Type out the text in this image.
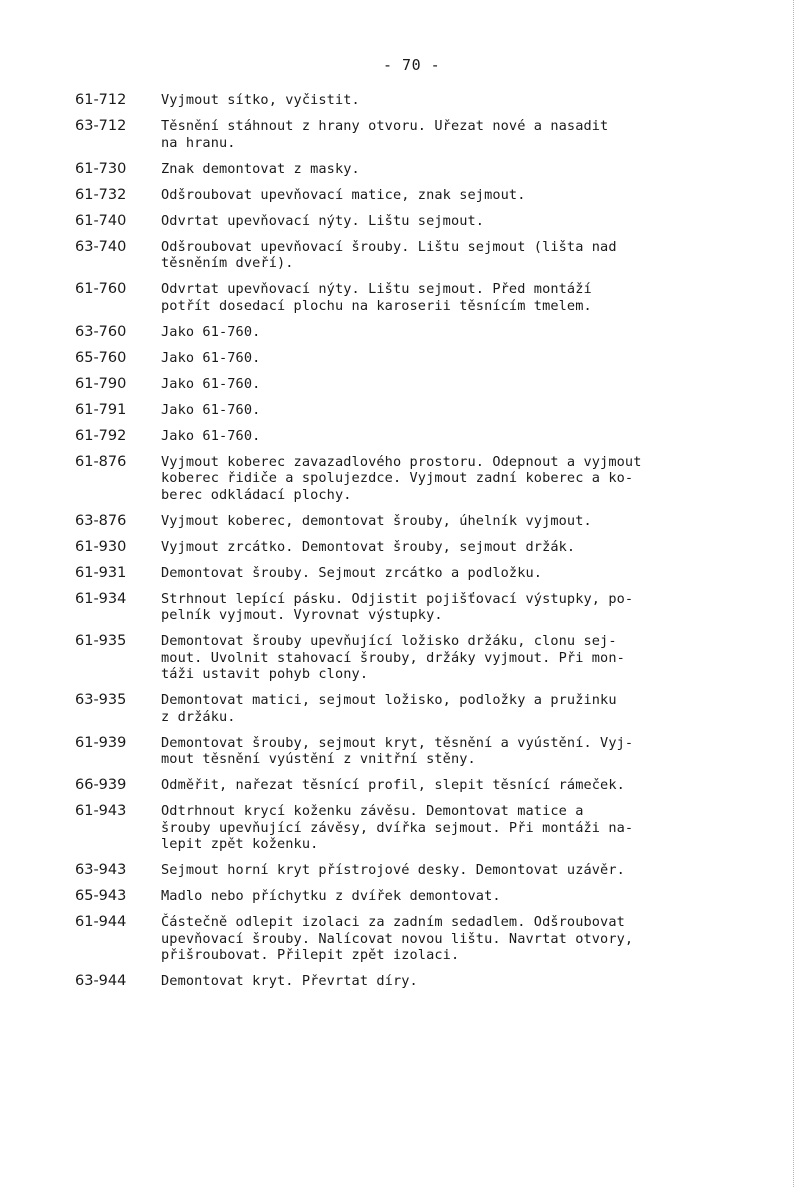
- 70 -
61-712	Vyjmout sítko, vyčistit.
63-712	Těsnění stáhnout z hrany otvoru. Uřezat nové a nasadit
na hranu.
61-730	Znak demontovat z masky.
61-732	Odšroubovat upevňovací matice, znak sejmout.
61-740	Odvrtat upevňovací nýty. Lištu sejmout.
63-740	Odšroubovat upevňovací šrouby. Lištu sejmout (lišta nad
těsněním dveří).
61-760	Odvrtat upevňovací nýty. Lištu sejmout. Před montáží
potřít dosedací plochu na karoserii těsnícím tmelem.
63-760	Jako 61-760.
65-760	Jako 61-760.
61-790	Jako 61-760.
61-791	Jako 61-760.
61-792	Jako 61-760.
61-876	Vyjmout koberec zavazadlového prostoru. Odepnout a vyjmout
koberec řidiče a spolujezdce. Vyjmout zadní koberec a ko-
berec odkládací plochy.
63-876	Vyjmout koberec, demontovat šrouby, úhelník vyjmout.
61-930	Vyjmout zrcátko. Demontovat šrouby, sejmout držák.
61-931	Demontovat šrouby. Sejmout zrcátko a podložku.
61-934	Strhnout lepící pásku. Odjistit pojišťovací výstupky, po-
pelník vyjmout. Vyrovnat výstupky.
61-935	Demontovat šrouby upevňující ložisko držáku, clonu sej-
mout. Uvolnit stahovací šrouby, držáky vyjmout. Při mon-
táži ustavit pohyb clony.
63-935	Demontovat matici, sejmout ložisko, podložky a pružinku
z držáku.
61-939	Demontovat šrouby, sejmout kryt, těsnění a vyústění. Vyj-
mout těsnění vyústění z vnitřní stěny.
66-939	Odměřit, nařezat těsnící profil, slepit těsnící rámeček.
61-943	Odtrhnout krycí koženku závěsu. Demontovat matice a
šrouby upevňující závěsy, dvířka sejmout. Při montáži na-
lepit zpět koženku.
63-943	Sejmout horní kryt přístrojové desky. Demontovat uzávěr.
65-943	Madlo nebo příchytku z dvířek demontovat.
61-944	Částečně odlepit izolaci za zadním sedadlem. Odšroubovat
upevňovací šrouby. Nalícovat novou lištu. Navrtat otvory,
přišroubovat. Přilepit zpět izolaci.
63-944	Demontovat kryt. Převrtat díry.
